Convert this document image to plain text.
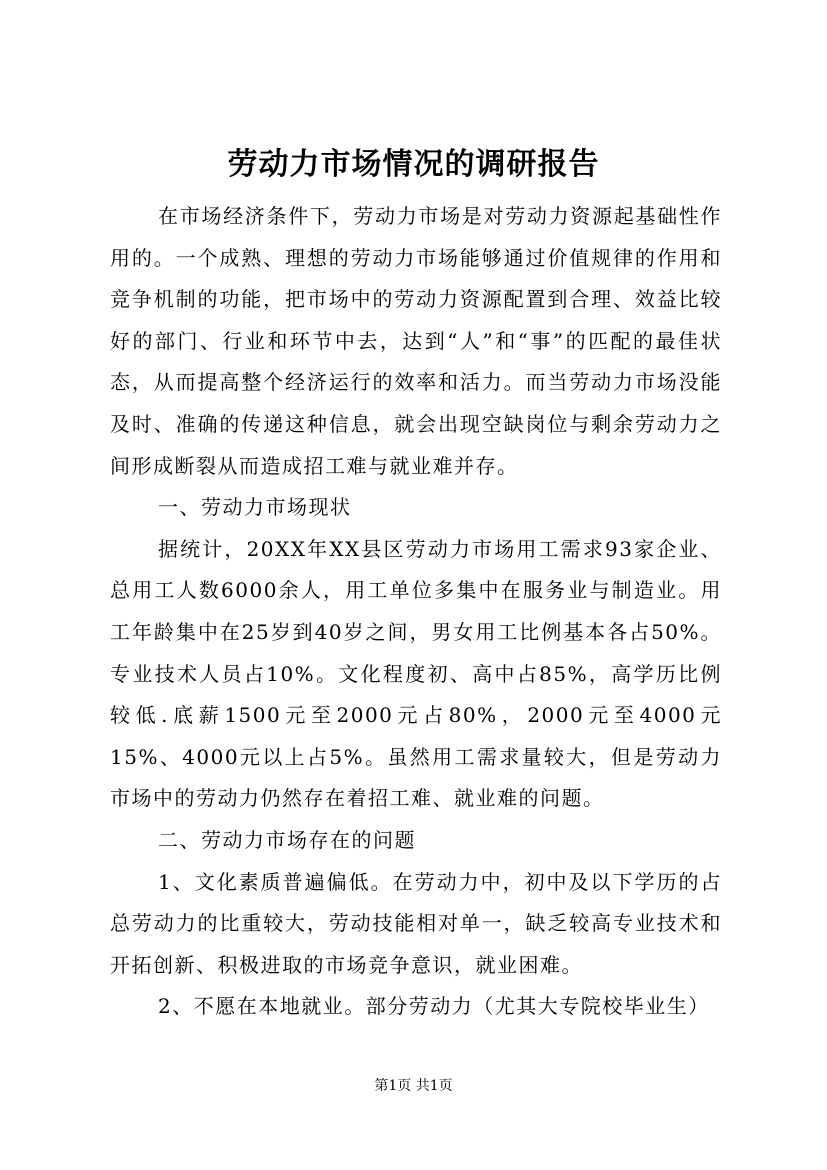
劳动力市场情况的调研报告

在市场经济条件下，劳动力市场是对劳动力资源起基础性作用的。一个成熟、理想的劳动力市场能够通过价值规律的作用和竞争机制的功能，把市场中的劳动力资源配置到合理、效益比较好的部门、行业和环节中去，达到“人”和“事”的匹配的最佳状态，从而提高整个经济运行的效率和活力。而当劳动力市场没能及时、准确的传递这种信息，就会出现空缺岗位与剩余劳动力之间形成断裂从而造成招工难与就业难并存。

一、劳动力市场现状

据统计，20XX年XX县区劳动力市场用工需求93家企业、总用工人数6000余人，用工单位多集中在服务业与制造业。用工年龄集中在25岁到40岁之间，男女用工比例基本各占50%。专业技术人员占10%。文化程度初、高中占85%，高学历比例较低.底薪1500元至2000元占80%，2000元至4000元15%、4000元以上占5%。虽然用工需求量较大，但是劳动力市场中的劳动力仍然存在着招工难、就业难的问题。

二、劳动力市场存在的问题

1、文化素质普遍偏低。在劳动力中，初中及以下学历的占总劳动力的比重较大，劳动技能相对单一，缺乏较高专业技术和开拓创新、积极进取的市场竞争意识，就业困难。

2、不愿在本地就业。部分劳动力（尤其大专院校毕业生）

第1页 共1页
